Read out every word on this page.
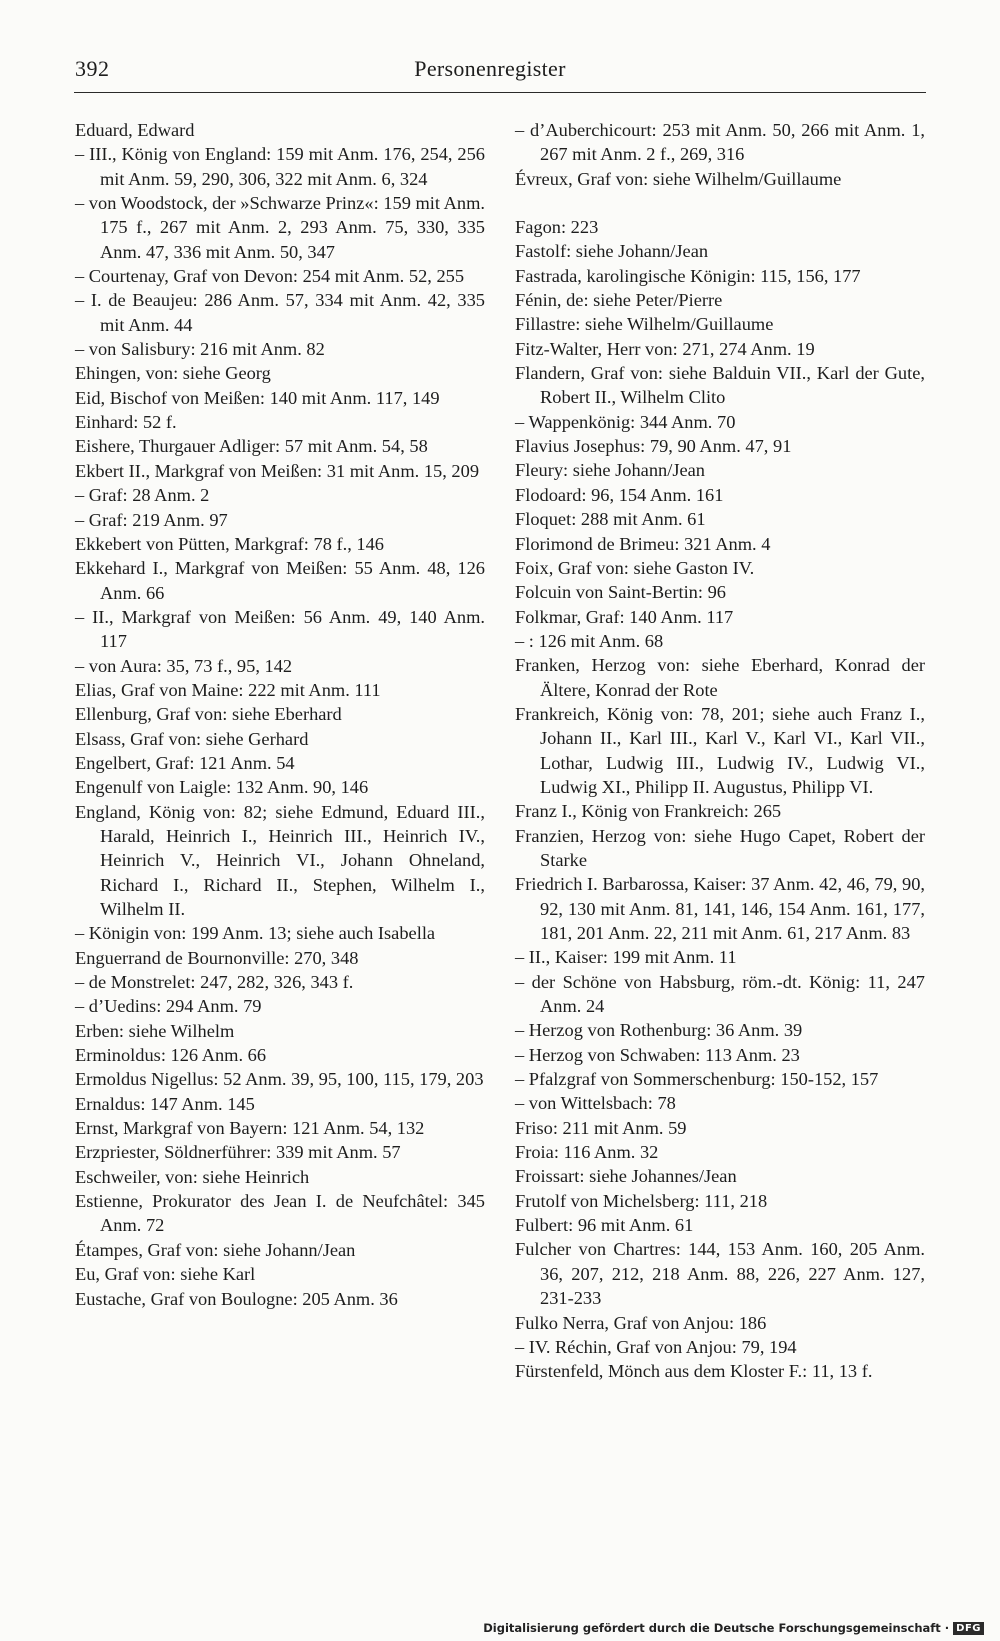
392	Personenregister
Eduard, Edward
– III., König von England: 159 mit Anm. 176, 254, 256 mit Anm. 59, 290, 306, 322 mit Anm. 6, 324
– von Woodstock, der »Schwarze Prinz«: 159 mit Anm. 175 f., 267 mit Anm. 2, 293 Anm. 75, 330, 335 Anm. 47, 336 mit Anm. 50, 347
– Courtenay, Graf von Devon: 254 mit Anm. 52, 255
– I. de Beaujeu: 286 Anm. 57, 334 mit Anm. 42, 335 mit Anm. 44
– von Salisbury: 216 mit Anm. 82
Ehingen, von: siehe Georg
Eid, Bischof von Meißen: 140 mit Anm. 117, 149
Einhard: 52 f.
Eishere, Thurgauer Adliger: 57 mit Anm. 54, 58
Ekbert II., Markgraf von Meißen: 31 mit Anm. 15, 209
– Graf: 28 Anm. 2
– Graf: 219 Anm. 97
Ekkebert von Pütten, Markgraf: 78 f., 146
Ekkehard I., Markgraf von Meißen: 55 Anm. 48, 126 Anm. 66
– II., Markgraf von Meißen: 56 Anm. 49, 140 Anm. 117
– von Aura: 35, 73 f., 95, 142
Elias, Graf von Maine: 222 mit Anm. 111
Ellenburg, Graf von: siehe Eberhard
Elsass, Graf von: siehe Gerhard
Engelbert, Graf: 121 Anm. 54
Engenulf von Laigle: 132 Anm. 90, 146
England, König von: 82; siehe Edmund, Eduard III., Harald, Heinrich I., Heinrich III., Heinrich IV., Heinrich V., Heinrich VI., Johann Ohneland, Richard I., Richard II., Stephen, Wilhelm I., Wilhelm II.
– Königin von: 199 Anm. 13; siehe auch Isabella
Enguerrand de Bournonville: 270, 348
– de Monstrelet: 247, 282, 326, 343 f.
– d’Uedins: 294 Anm. 79
Erben: siehe Wilhelm
Erminoldus: 126 Anm. 66
Ermoldus Nigellus: 52 Anm. 39, 95, 100, 115, 179, 203
Ernaldus: 147 Anm. 145
Ernst, Markgraf von Bayern: 121 Anm. 54, 132
Erzpriester, Söldnerführer: 339 mit Anm. 57
Eschweiler, von: siehe Heinrich
Estienne, Prokurator des Jean I. de Neufchâtel: 345 Anm. 72
Étampes, Graf von: siehe Johann/Jean
Eu, Graf von: siehe Karl
Eustache, Graf von Boulogne: 205 Anm. 36
– d’Auberchicourt: 253 mit Anm. 50, 266 mit Anm. 1, 267 mit Anm. 2 f., 269, 316
Évreux, Graf von: siehe Wilhelm/Guillaume
Fagon: 223
Fastolf: siehe Johann/Jean
Fastrada, karolingische Königin: 115, 156, 177
Fénin, de: siehe Peter/Pierre
Fillastre: siehe Wilhelm/Guillaume
Fitz-Walter, Herr von: 271, 274 Anm. 19
Flandern, Graf von: siehe Balduin VII., Karl der Gute, Robert II., Wilhelm Clito
– Wappenkönig: 344 Anm. 70
Flavius Josephus: 79, 90 Anm. 47, 91
Fleury: siehe Johann/Jean
Flodoard: 96, 154 Anm. 161
Floquet: 288 mit Anm. 61
Florimond de Brimeu: 321 Anm. 4
Foix, Graf von: siehe Gaston IV.
Folcuin von Saint-Bertin: 96
Folkmar, Graf: 140 Anm. 117
– : 126 mit Anm. 68
Franken, Herzog von: siehe Eberhard, Konrad der Ältere, Konrad der Rote
Frankreich, König von: 78, 201; siehe auch Franz I., Johann II., Karl III., Karl V., Karl VI., Karl VII., Lothar, Ludwig III., Ludwig IV., Ludwig VI., Ludwig XI., Philipp II. Augustus, Philipp VI.
Franz I., König von Frankreich: 265
Franzien, Herzog von: siehe Hugo Capet, Robert der Starke
Friedrich I. Barbarossa, Kaiser: 37 Anm. 42, 46, 79, 90, 92, 130 mit Anm. 81, 141, 146, 154 Anm. 161, 177, 181, 201 Anm. 22, 211 mit Anm. 61, 217 Anm. 83
– II., Kaiser: 199 mit Anm. 11
– der Schöne von Habsburg, röm.-dt. König: 11, 247 Anm. 24
– Herzog von Rothenburg: 36 Anm. 39
– Herzog von Schwaben: 113 Anm. 23
– Pfalzgraf von Sommerschenburg: 150-152, 157
– von Wittelsbach: 78
Friso: 211 mit Anm. 59
Froia: 116 Anm. 32
Froissart: siehe Johannes/Jean
Frutolf von Michelsberg: 111, 218
Fulbert: 96 mit Anm. 61
Fulcher von Chartres: 144, 153 Anm. 160, 205 Anm. 36, 207, 212, 218 Anm. 88, 226, 227 Anm. 127, 231-233
Fulko Nerra, Graf von Anjou: 186
– IV. Réchin, Graf von Anjou: 79, 194
Fürstenfeld, Mönch aus dem Kloster F.: 11, 13 f.
Digitalisierung gefördert durch die Deutsche Forschungsgemeinschaft · DFG
